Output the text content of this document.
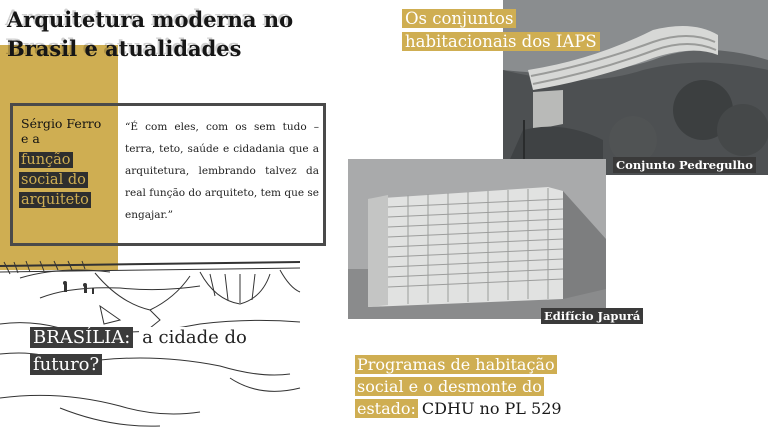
Arquitetura moderna no
Brasil e atualidades
Sérgio Ferro
e a
função
social do
arquiteto
“É com eles, com os sem tudo – terra, teto, saúde e cidadania que a arquitetura, lembrando talvez da real função do arquiteto, tem que se engajar.”
BRASÍLIA: a cidade do
futuro?
Os conjuntos
habitacionais dos IAPS
Conjunto Pedregulho
Edifício Japurá
Programas de habitação
social e o desmonte do
estado: CDHU no PL 529
